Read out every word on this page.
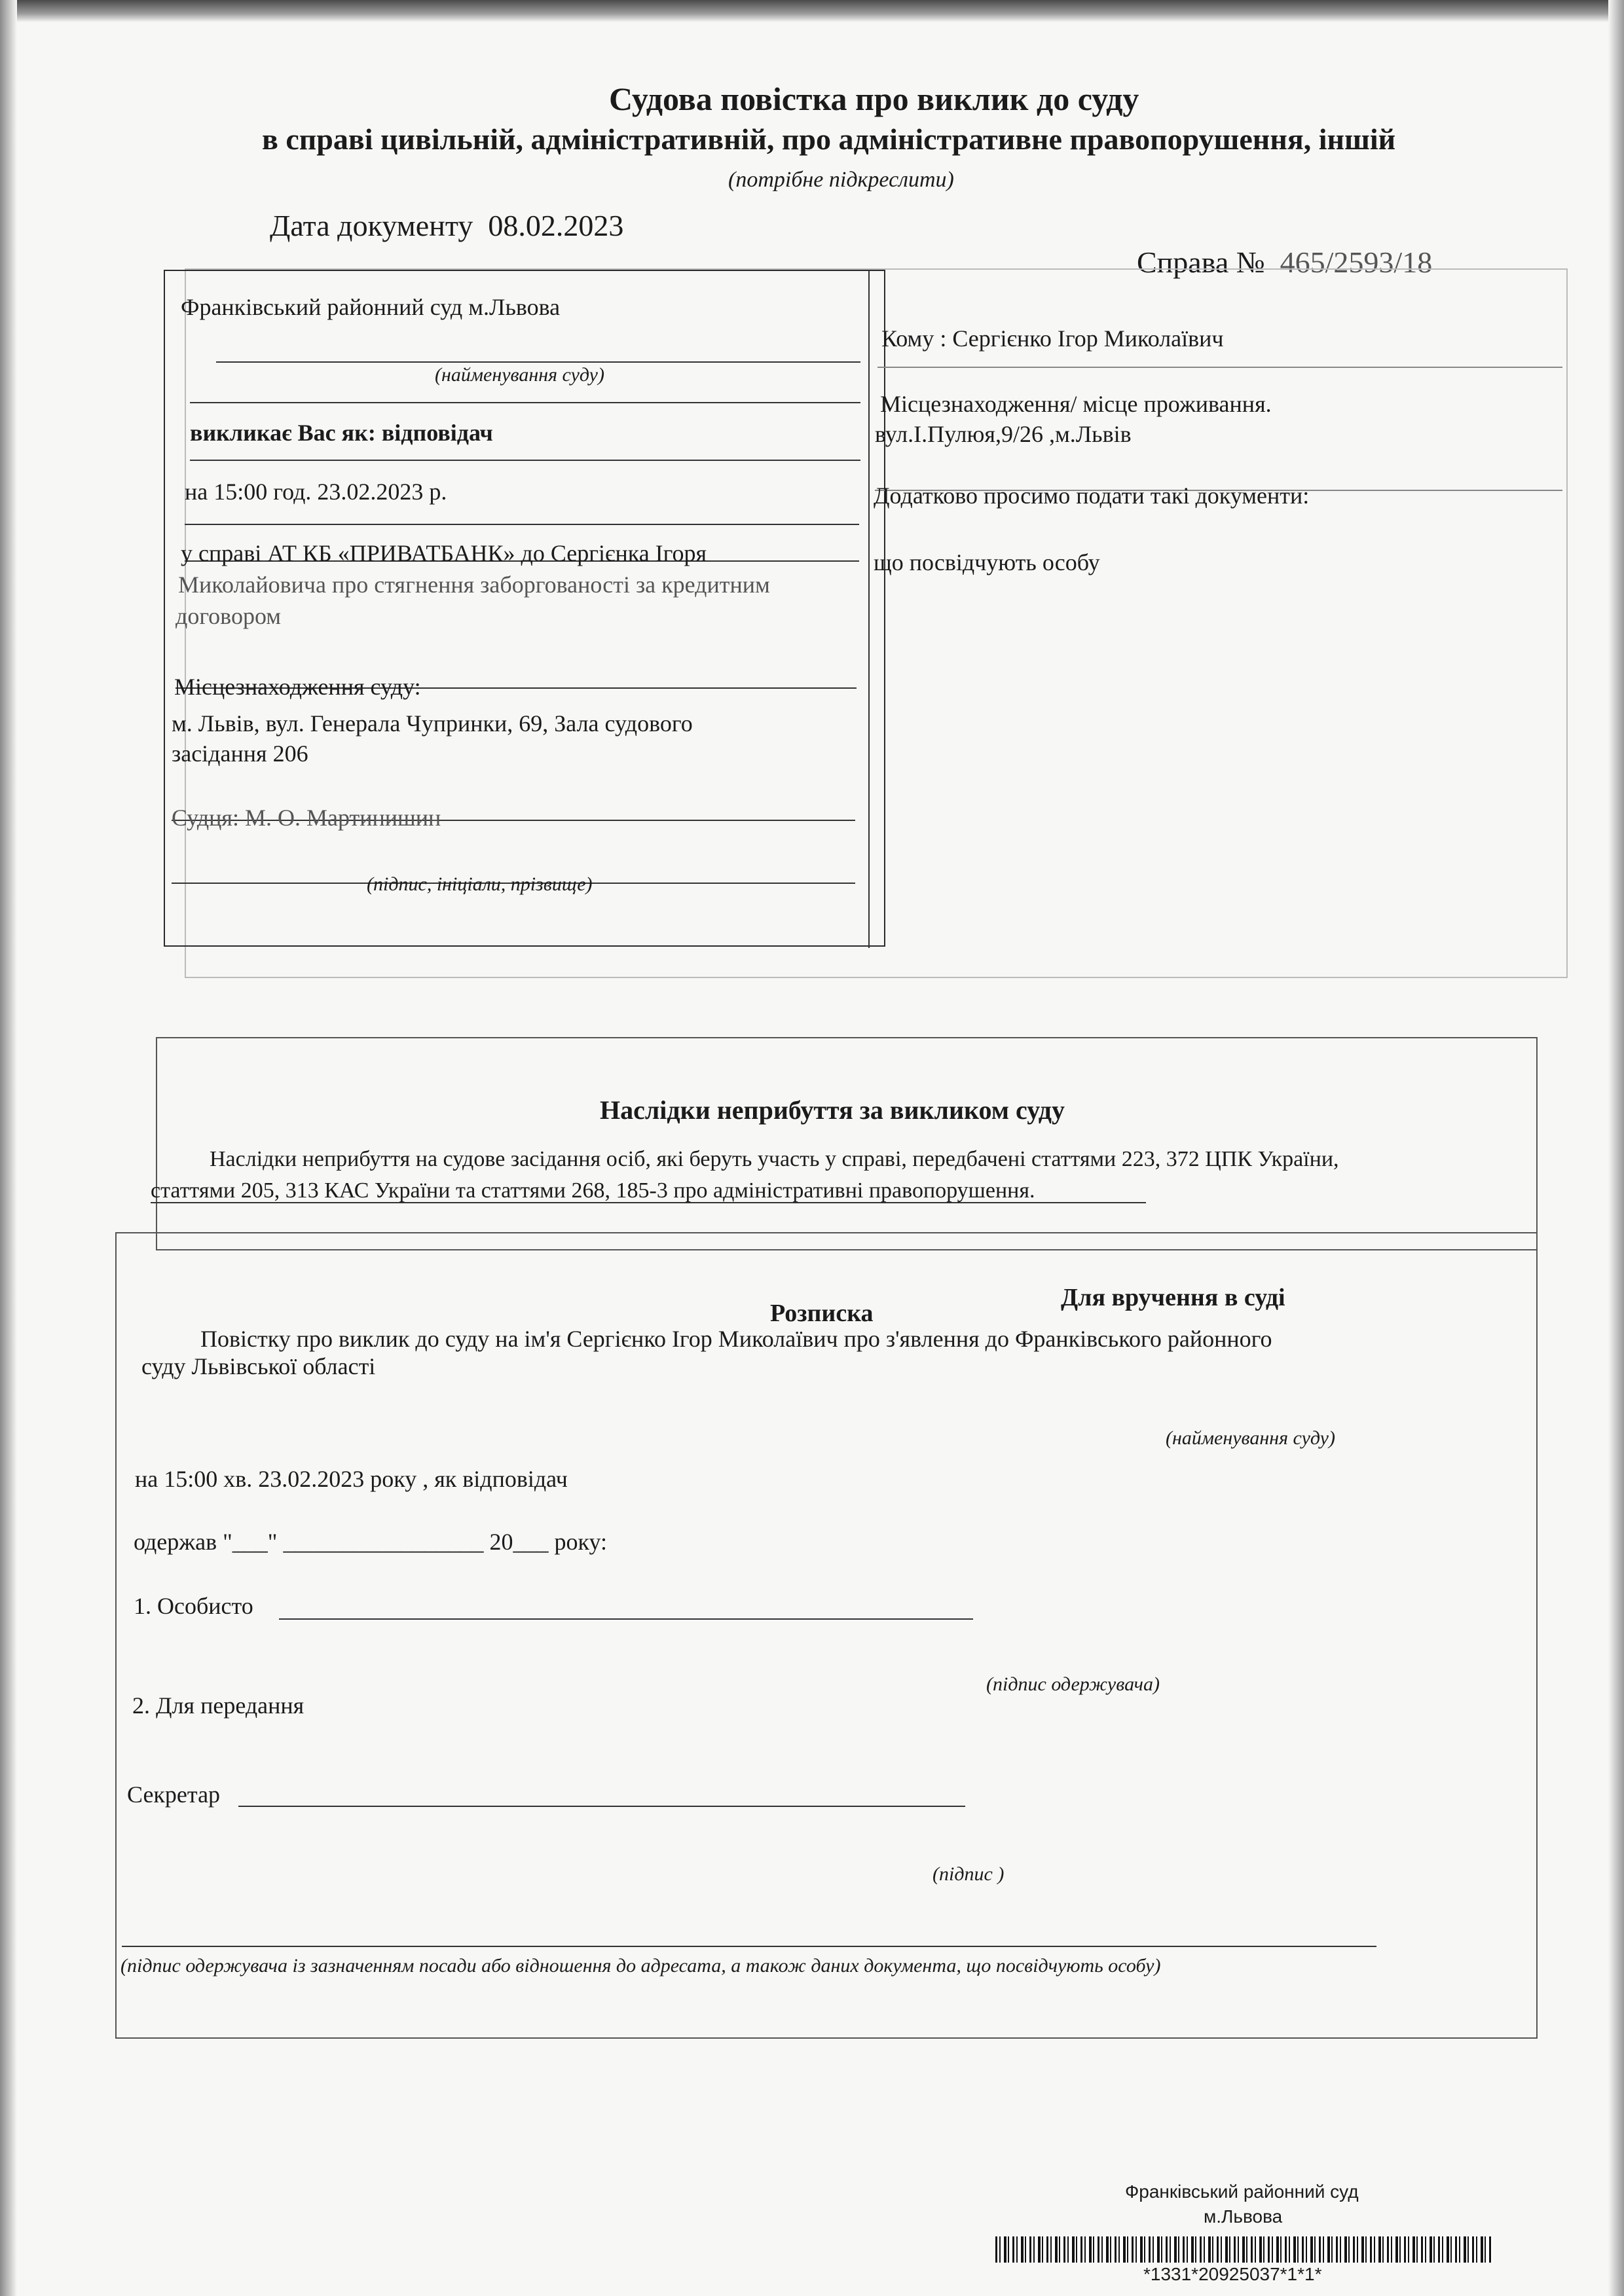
Судова повістка про виклик до суду
в справі цивільній, адміністративній, про адміністративне правопорушення, іншій
(потрібне підкреслити)
Дата документу 08.02.2023
Справа № 465/2593/18
Франківський районний суд м.Львова
(найменування суду)
викликає Вас як: відповідач
на 15:00 год. 23.02.2023 р.
у справі АТ КБ «ПРИВАТБАНК» до Сергієнка Ігоря
Миколайовича про стягнення заборгованості за кредитним
договором
Місцезнаходження суду:
м. Львів, вул. Генерала Чупринки, 69, Зала судового
засідання 206
Судця: М. О. Мартинишин
(підпис, ініціали, прізвище)
Кому : Сергієнко Ігор Миколаївич
Місцезнаходження/ місце проживання.
вул.І.Пулюя,9/26 ,м.Львів
Додатково просимо подати такі документи:
що посвідчують особу
Наслідки неприбуття за викликом суду
Наслідки неприбуття на судове засідання осіб, які беруть участь у справі, передбачені статтями 223, 372 ЦПК України,
статтями 205, 313 КАС України та статтями 268, 185-3 про адміністративні правопорушення.
Для вручення в суді
Розписка
Повістку про виклик до суду на ім'я Сергієнко Ігор Миколаївич про з'явлення до Франківського районного
суду Львівської області
(найменування суду)
на 15:00 хв. 23.02.2023 року , як відповідач
одержав "___" _________________ 20___ року:
1. Особисто
(підпис одержувача)
2. Для передання
Секретар
(підпис )
(підпис одержувача із зазначенням посади або відношення до адресата, а також даних документа, що посвідчують особу)
Франківський районний суд
м.Львова
*1331*20925037*1*1*
